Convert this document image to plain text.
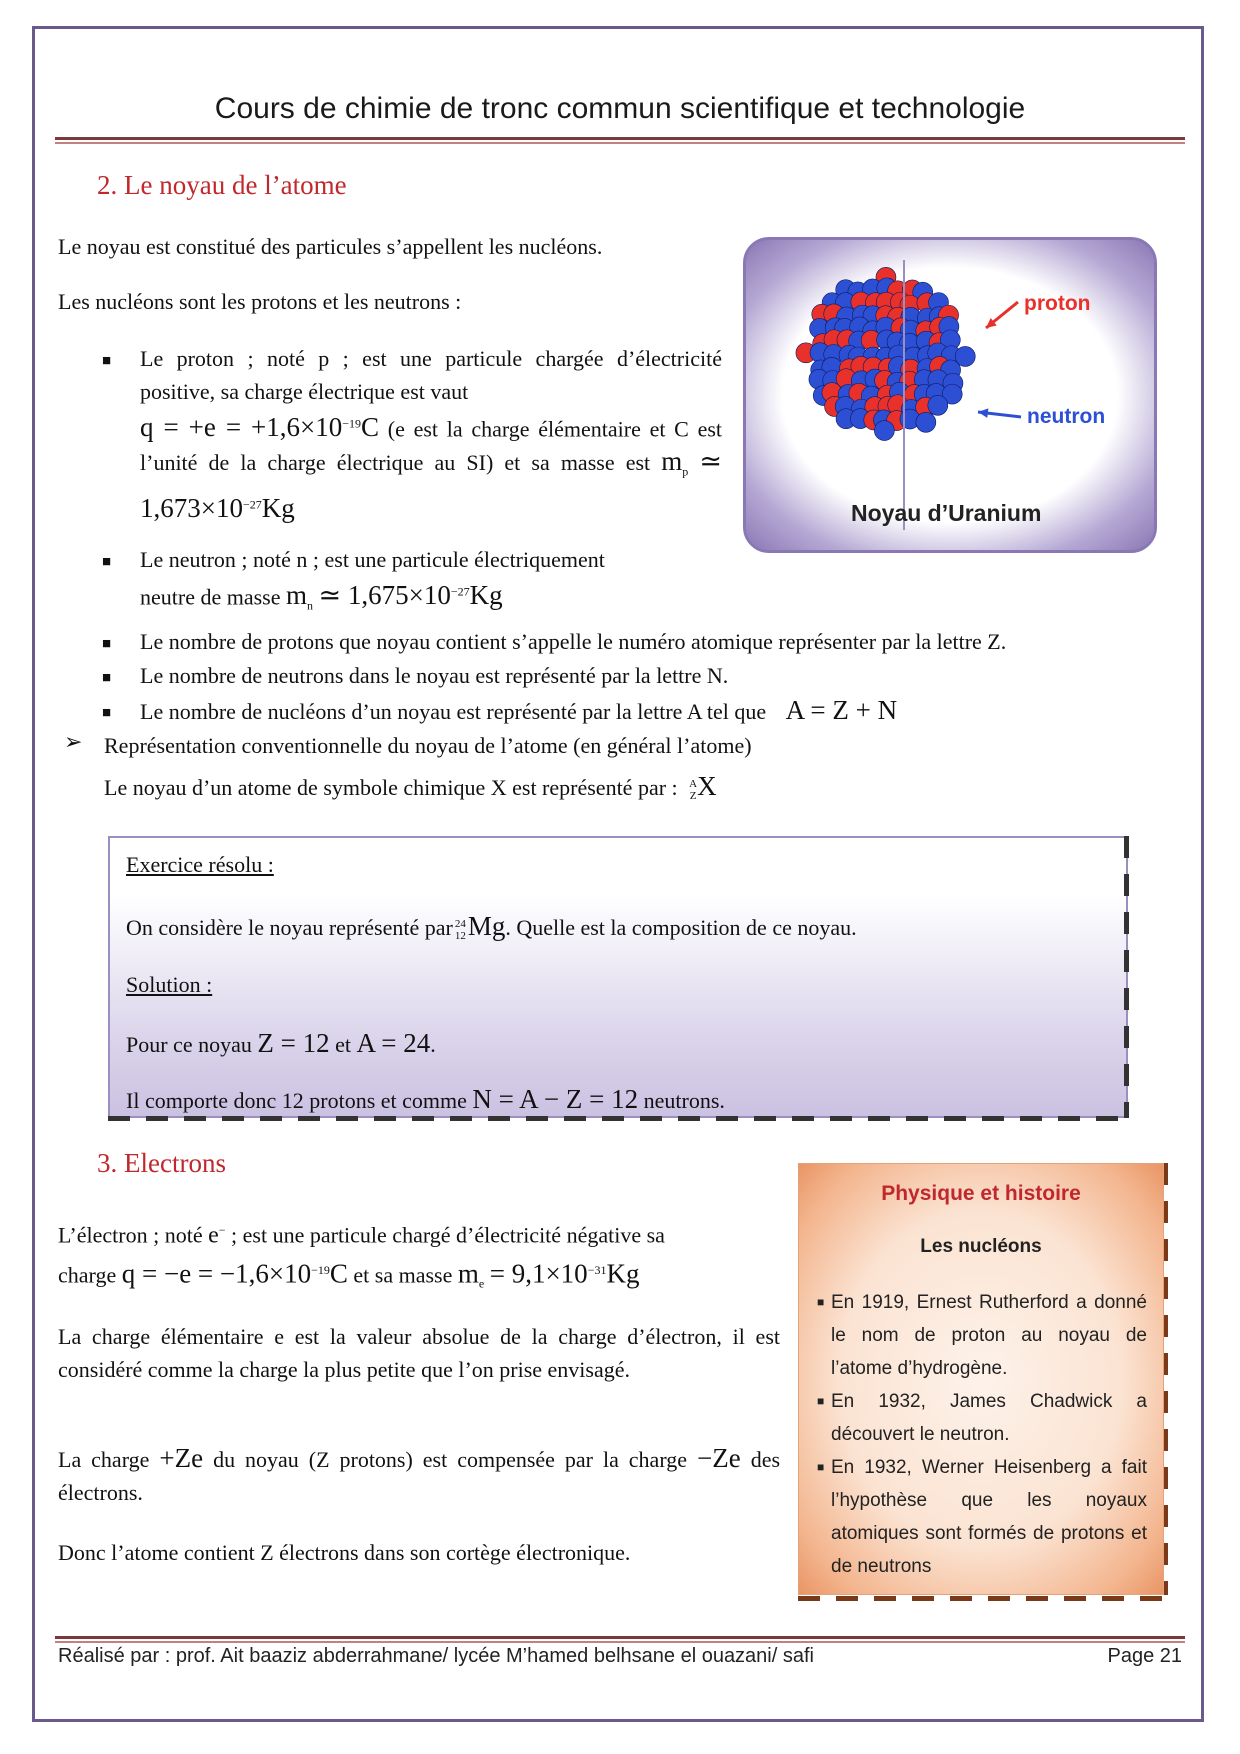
Cours de chimie de tronc commun scientifique et technologie
2. Le noyau de l’atome
Le noyau est constitué des particules s’appellent les nucléons.
Les nucléons sont les protons et les neutrons :
■ Le proton ; noté p ; est une particule chargée d’électricité positive, sa charge électrique est vaut
$q = +e = +1,6\times 10^{-19}C$ (e est la charge élémentaire et C est l’unité de la charge électrique au SI) et sa masse est $m_p$ ≃ $1,673\times 10^{-27}Kg$
■ Le neutron ; noté n ; est une particule électriquement
neutre de masse $m_n$ ≃ $1,675\times 10^{-27}Kg$
■ Le nombre de protons que noyau contient s’appelle le numéro atomique représenter par la lettre Z.
■ Le nombre de neutrons dans le noyau est représenté par la lettre N.
■ Le nombre de nucléons d’un noyau est représenté par la lettre A tel que A = Z + N
➢ Représentation conventionnelle du noyau de l’atome (en général l’atome)
Le noyau d’un atome de symbole chimique X est représenté par : A
Z X
proton
neutron
Noyau d’Uranium
Exercice résolu :
On considère le noyau représenté par 24
12 Mg. Quelle est la composition de ce noyau.
Solution :
Pour ce noyau Z = 12 et A = 24.
Il comporte donc 12 protons et comme N = A − Z = 12 neutrons.
3. Electrons
L’électron ; noté e− ; est une particule chargé d’électricité négative sa
charge $q = -e = -1,6\times 10^{-19}C$ et sa masse $m_e = 9,1\times 10^{-31}Kg$
La charge élémentaire e est la valeur absolue de la charge d’électron, il est considéré comme la charge la plus petite que l’on prise envisagé.
La charge +Ze du noyau (Z protons) est compensée par la charge −Ze des électrons.
Donc l’atome contient Z électrons dans son cortège électronique.
Physique et histoire
Les nucléons
■ En 1919, Ernest Rutherford a donné le nom de proton au noyau de l’atome d’hydrogène.
■ En 1932, James Chadwick a découvert le neutron.
■ En 1932, Werner Heisenberg a fait l’hypothèse que les noyaux atomiques sont formés de protons et de neutrons
Réalisé par : prof. Ait baaziz abderrahmane/ lycée M’hamed belhsane el ouazani/ safi	Page 21
